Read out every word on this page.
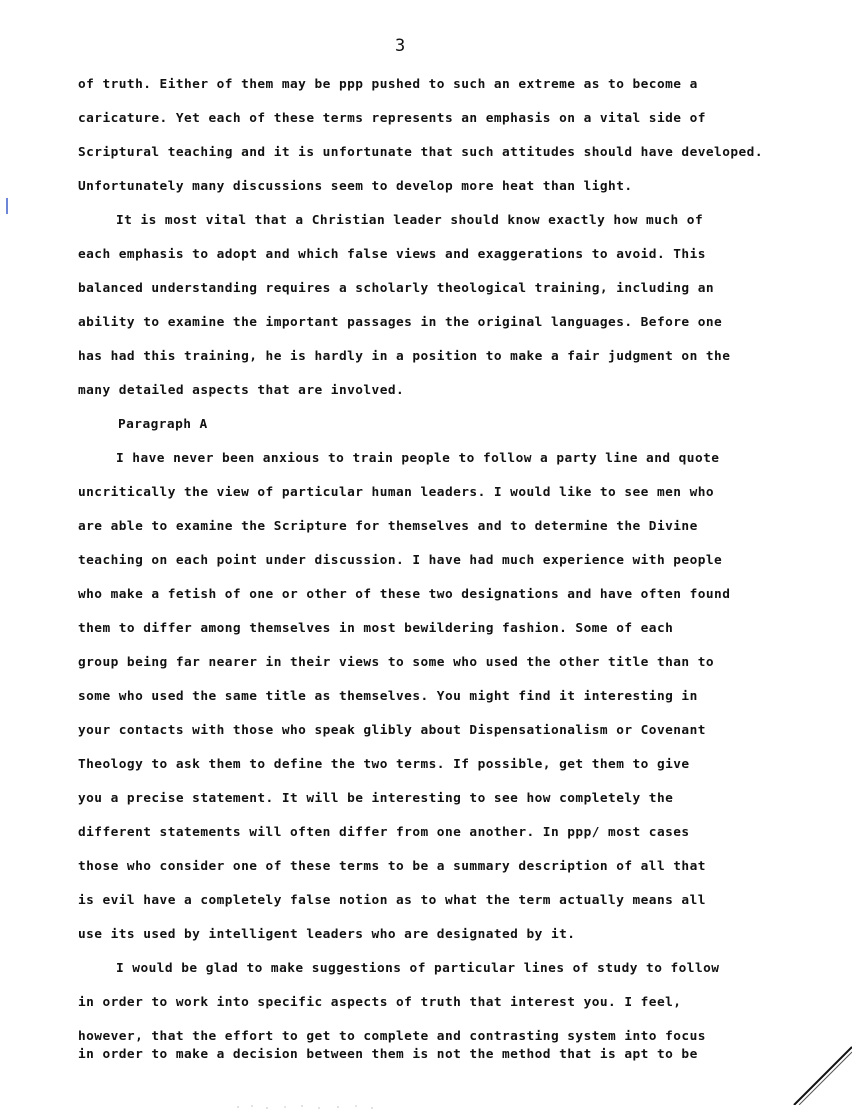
3
of truth. Either of them may be ppp pushed to such an extreme as to become a
caricature. Yet each of these terms represents an emphasis on a vital side of
Scriptural teaching and it is unfortunate that such attitudes should have developed.
Unfortunately many discussions seem to develop more heat than light.
It is most vital that a Christian leader should know exactly how much of
each emphasis to adopt and which false views and exaggerations to avoid. This
balanced understanding requires a scholarly theological training, including an
ability to examine the important passages in the original languages. Before one
has had this training, he is hardly in a position to make a fair judgment on the
many detailed aspects that are involved.
Paragraph A
I have never been anxious to train people to follow a party line and quote
uncritically the view of particular human leaders. I would like to see men who
are able to examine the Scripture for themselves and to determine the Divine
teaching on each point under discussion. I have had much experience with people
who make a fetish of one or other of these two designations and have often found
them to differ among themselves in most bewildering fashion. Some of each
group being far nearer in their views to some who used the other title than to
some who used the same title as themselves. You might find it interesting in
your contacts with those who speak glibly about Dispensationalism or Covenant
Theology to ask them to define the two terms. If possible, get them to give
you a precise statement. It will be interesting to see how completely the
different statements will often differ from one another. In ppp/ most cases
those who consider one of these terms to be a summary description of all that
is evil have a completely false notion as to what the term actually means all
use its used by intelligent leaders who are designated by it.
I would be glad to make suggestions of particular lines of study to follow
in order to work into specific aspects of truth that interest you. I feel,
however, that the effort to get to complete and contrasting system into focus
in order to make a decision between them is not the method that is apt to be
